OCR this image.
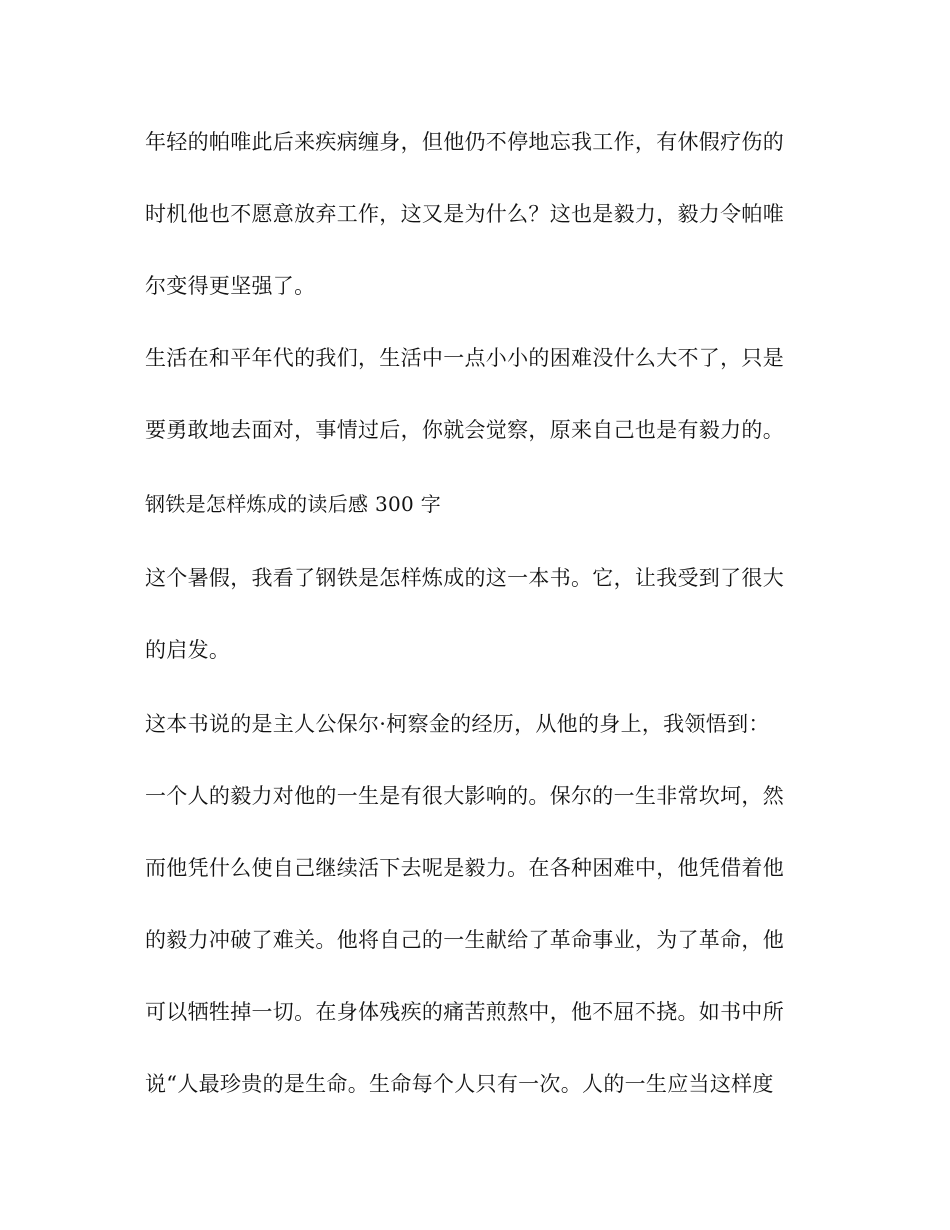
年轻的帕唯此后来疾病缠身，但他仍不停地忘我工作，有休假疗伤的
时机他也不愿意放弃工作，这又是为什么？这也是毅力，毅力令帕唯
尔变得更坚强了。
生活在和平年代的我们，生活中一点小小的困难没什么大不了，只是
要勇敢地去面对，事情过后，你就会觉察，原来自己也是有毅力的。
钢铁是怎样炼成的读后感 300 字
这个暑假，我看了钢铁是怎样炼成的这一本书。它，让我受到了很大
的启发。
这本书说的是主人公保尔·柯察金的经历，从他的身上，我领悟到：
一个人的毅力对他的一生是有很大影响的。保尔的一生非常坎坷，然
而他凭什么使自己继续活下去呢是毅力。在各种困难中，他凭借着他
的毅力冲破了难关。他将自己的一生献给了革命事业，为了革命，他
可以牺牲掉一切。在身体残疾的痛苦煎熬中，他不屈不挠。如书中所
说“人最珍贵的是生命。生命每个人只有一次。人的一生应当这样度
